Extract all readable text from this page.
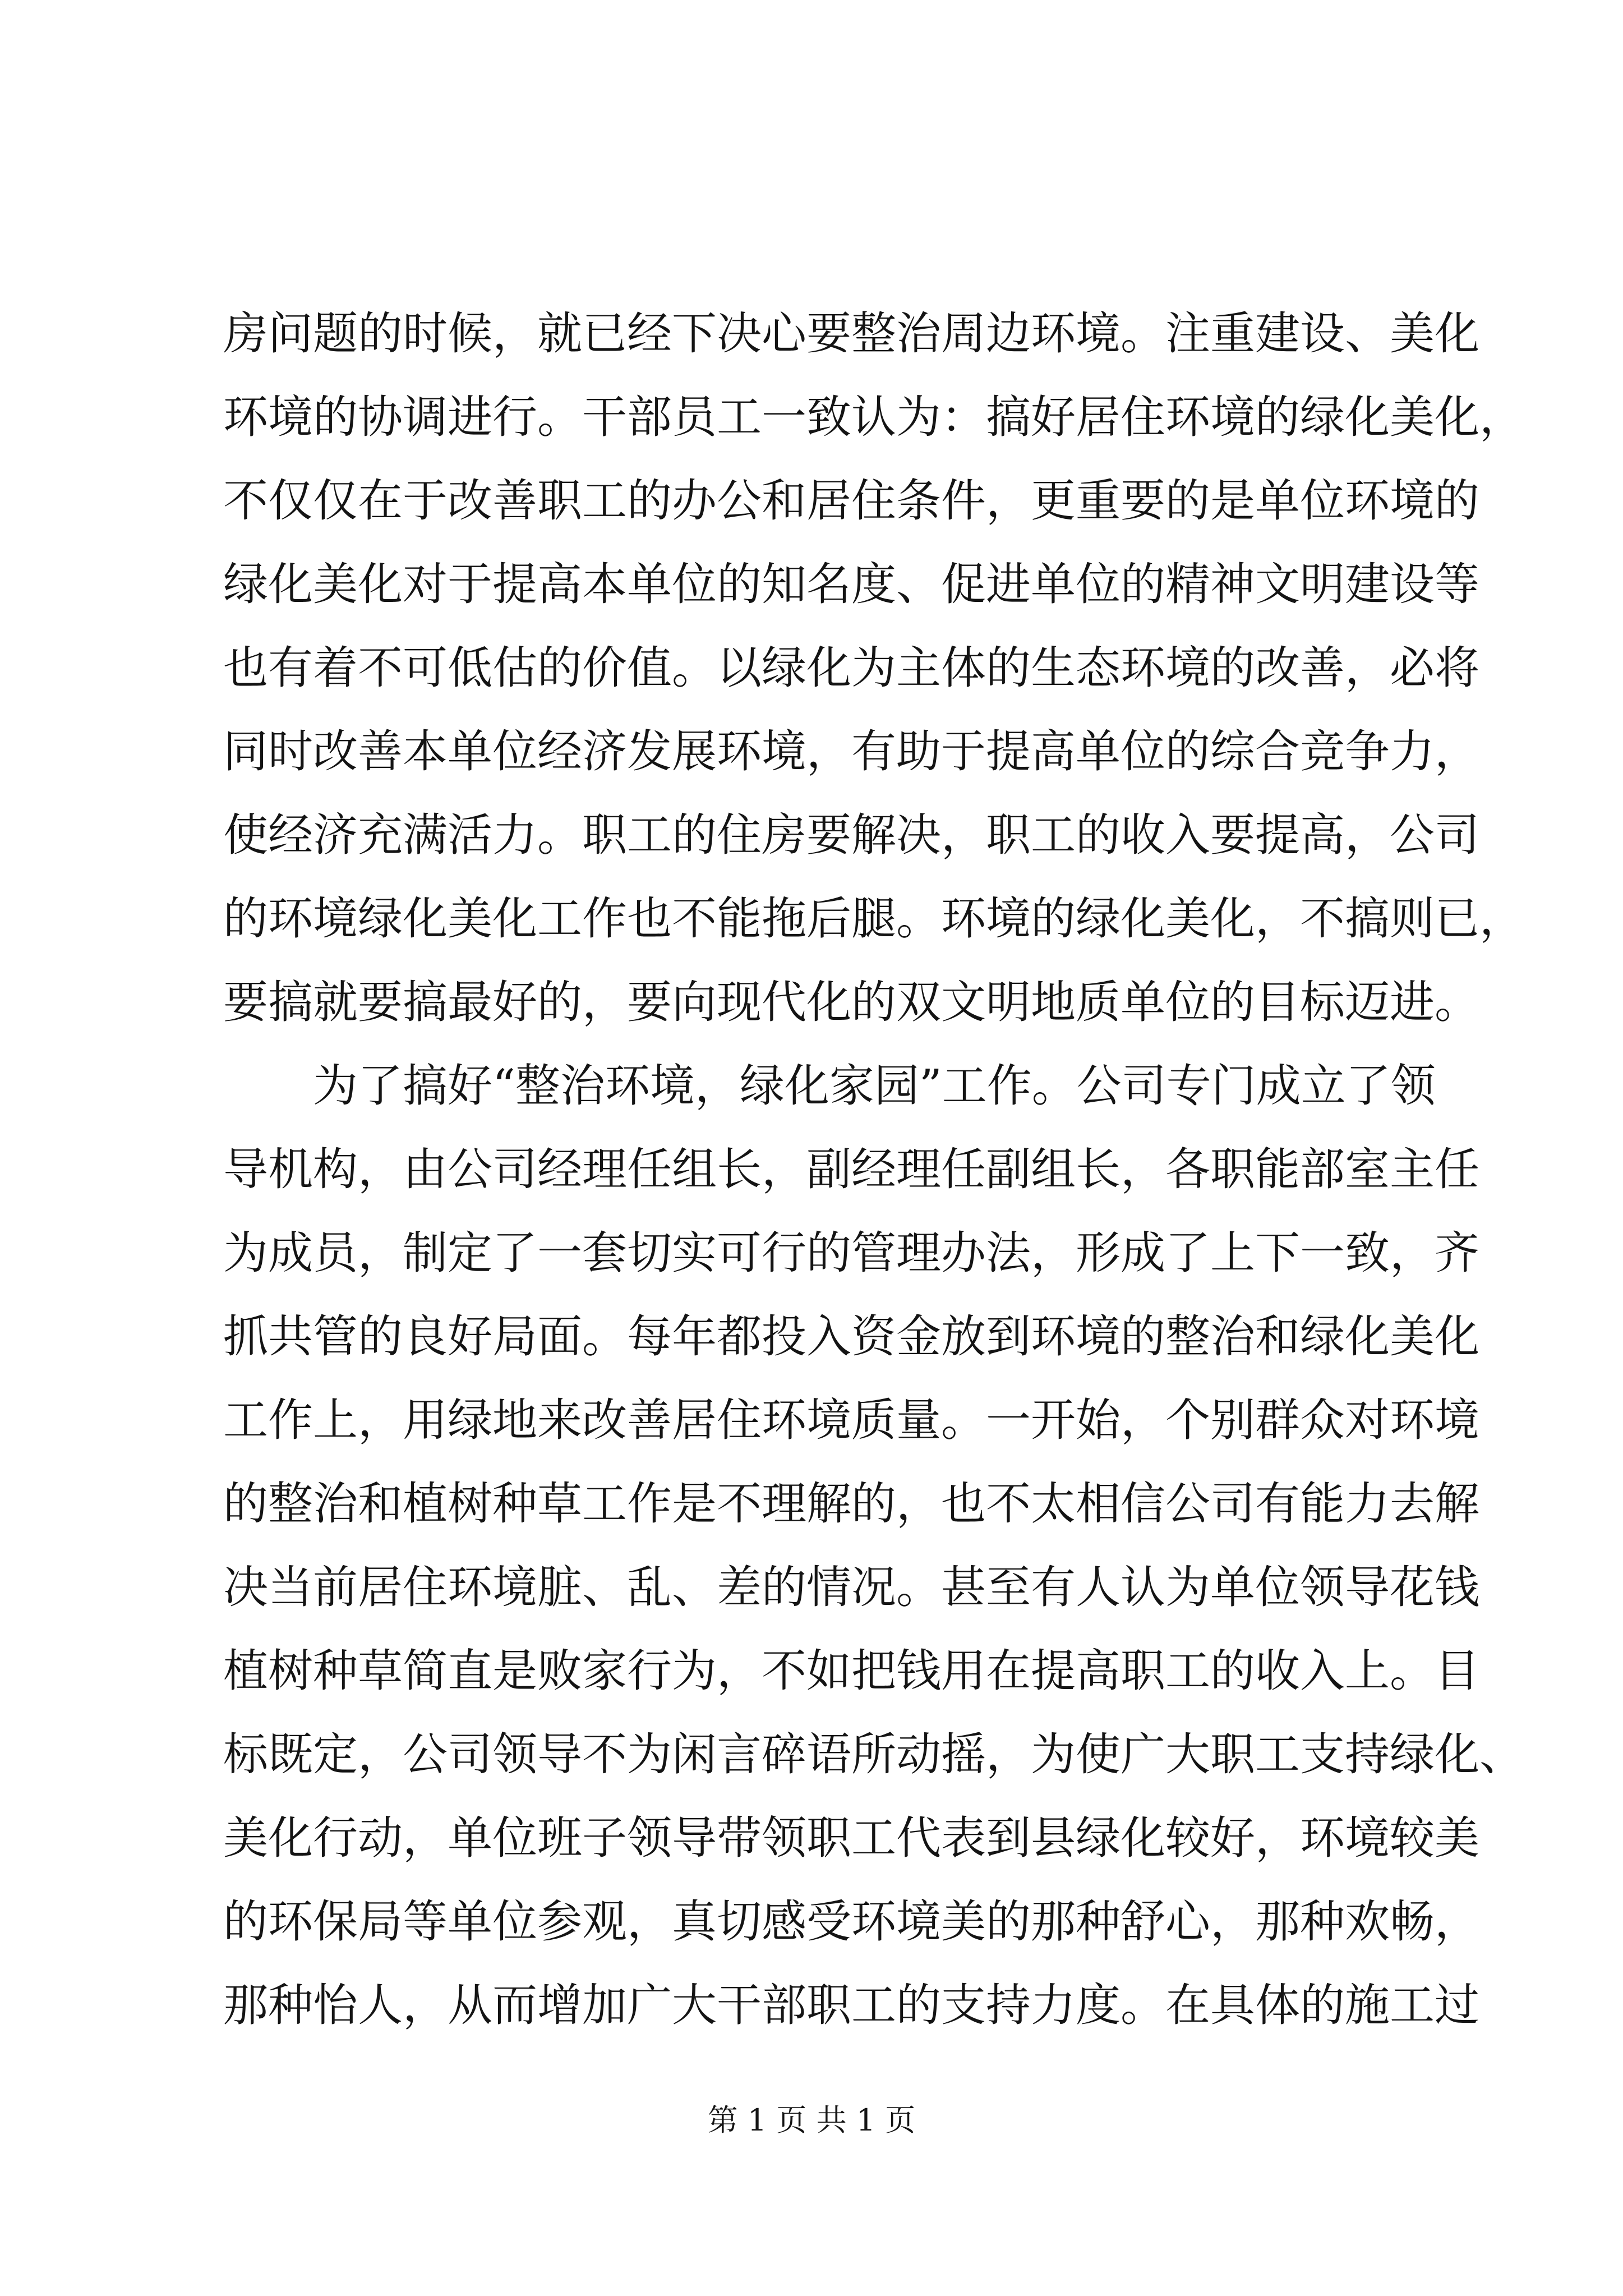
房问题的时候，就已经下决心要整治周边环境。注重建设、美化
环境的协调进行。干部员工一致认为：搞好居住环境的绿化美化，
不仅仅在于改善职工的办公和居住条件，更重要的是单位环境的
绿化美化对于提高本单位的知名度、促进单位的精神文明建设等
也有着不可低估的价值。以绿化为主体的生态环境的改善，必将
同时改善本单位经济发展环境，有助于提高单位的综合竞争力，
使经济充满活力。职工的住房要解决，职工的收入要提高，公司
的环境绿化美化工作也不能拖后腿。环境的绿化美化，不搞则已，
要搞就要搞最好的，要向现代化的双文明地质单位的目标迈进。
为了搞好“整治环境，绿化家园”工作。公司专门成立了领
导机构，由公司经理任组长，副经理任副组长，各职能部室主任
为成员，制定了一套切实可行的管理办法，形成了上下一致，齐
抓共管的良好局面。每年都投入资金放到环境的整治和绿化美化
工作上，用绿地来改善居住环境质量。一开始，个别群众对环境
的整治和植树种草工作是不理解的，也不太相信公司有能力去解
决当前居住环境脏、乱、差的情况。甚至有人认为单位领导花钱
植树种草简直是败家行为，不如把钱用在提高职工的收入上。目
标既定，公司领导不为闲言碎语所动摇，为使广大职工支持绿化、
美化行动，单位班子领导带领职工代表到县绿化较好，环境较美
的环保局等单位参观，真切感受环境美的那种舒心，那种欢畅，
那种怡人，从而增加广大干部职工的支持力度。在具体的施工过
第 1 页 共 1 页
